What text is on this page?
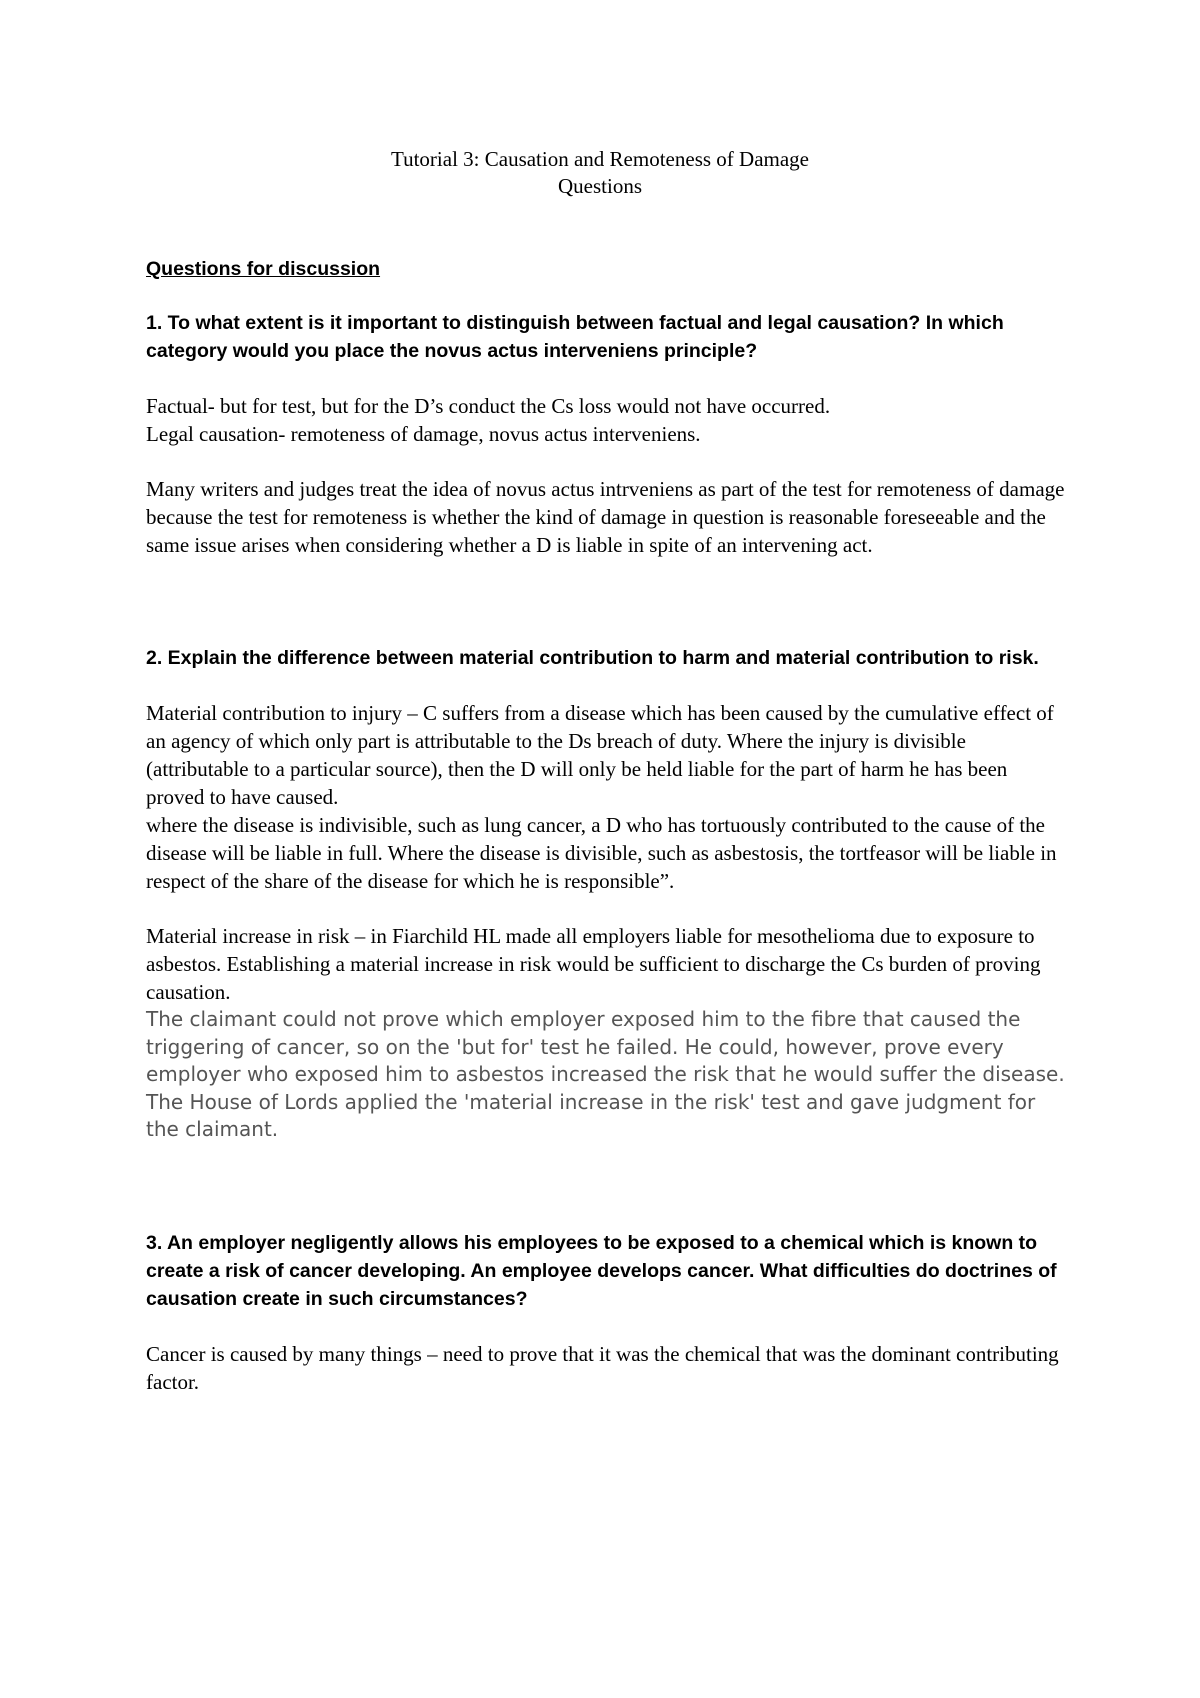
Tutorial 3: Causation and Remoteness of Damage
Questions
Questions for discussion
1. To what extent is it important to distinguish between factual and legal causation? In which category would you place the novus actus interveniens principle?
Factual- but for test, but for the D’s conduct the Cs loss would not have occurred.
Legal causation- remoteness of damage, novus actus interveniens.
Many writers and judges treat the idea of novus actus intrveniens as part of the test for remoteness of damage because the test for remoteness is whether the kind of damage in question is reasonable foreseeable and the same issue arises when considering whether a D is liable in spite of an intervening act.
2. Explain the difference between material contribution to harm and material contribution to risk.
Material contribution to injury – C suffers from a disease which has been caused by the cumulative effect of an agency of which only part is attributable to the Ds breach of duty. Where the injury is divisible (attributable to a particular source), then the D will only be held liable for the part of harm he has been proved to have caused.
where the disease is indivisible, such as lung cancer, a D who has tortuously contributed to the cause of the disease will be liable in full. Where the disease is divisible, such as asbestosis, the tortfeasor will be liable in respect of the share of the disease for which he is responsible”.
Material increase in risk – in Fiarchild HL made all employers liable for mesothelioma due to exposure to asbestos. Establishing a material increase in risk would be sufficient to discharge the Cs burden of proving causation.
The claimant could not prove which employer exposed him to the fibre that caused the triggering of cancer, so on the 'but for' test he failed. He could, however, prove every employer who exposed him to asbestos increased the risk that he would suffer the disease. The House of Lords applied the 'material increase in the risk' test and gave judgment for the claimant.
3. An employer negligently allows his employees to be exposed to a chemical which is known to create a risk of cancer developing. An employee develops cancer. What difficulties do doctrines of causation create in such circumstances?
Cancer is caused by many things – need to prove that it was the chemical that was the dominant contributing factor.
